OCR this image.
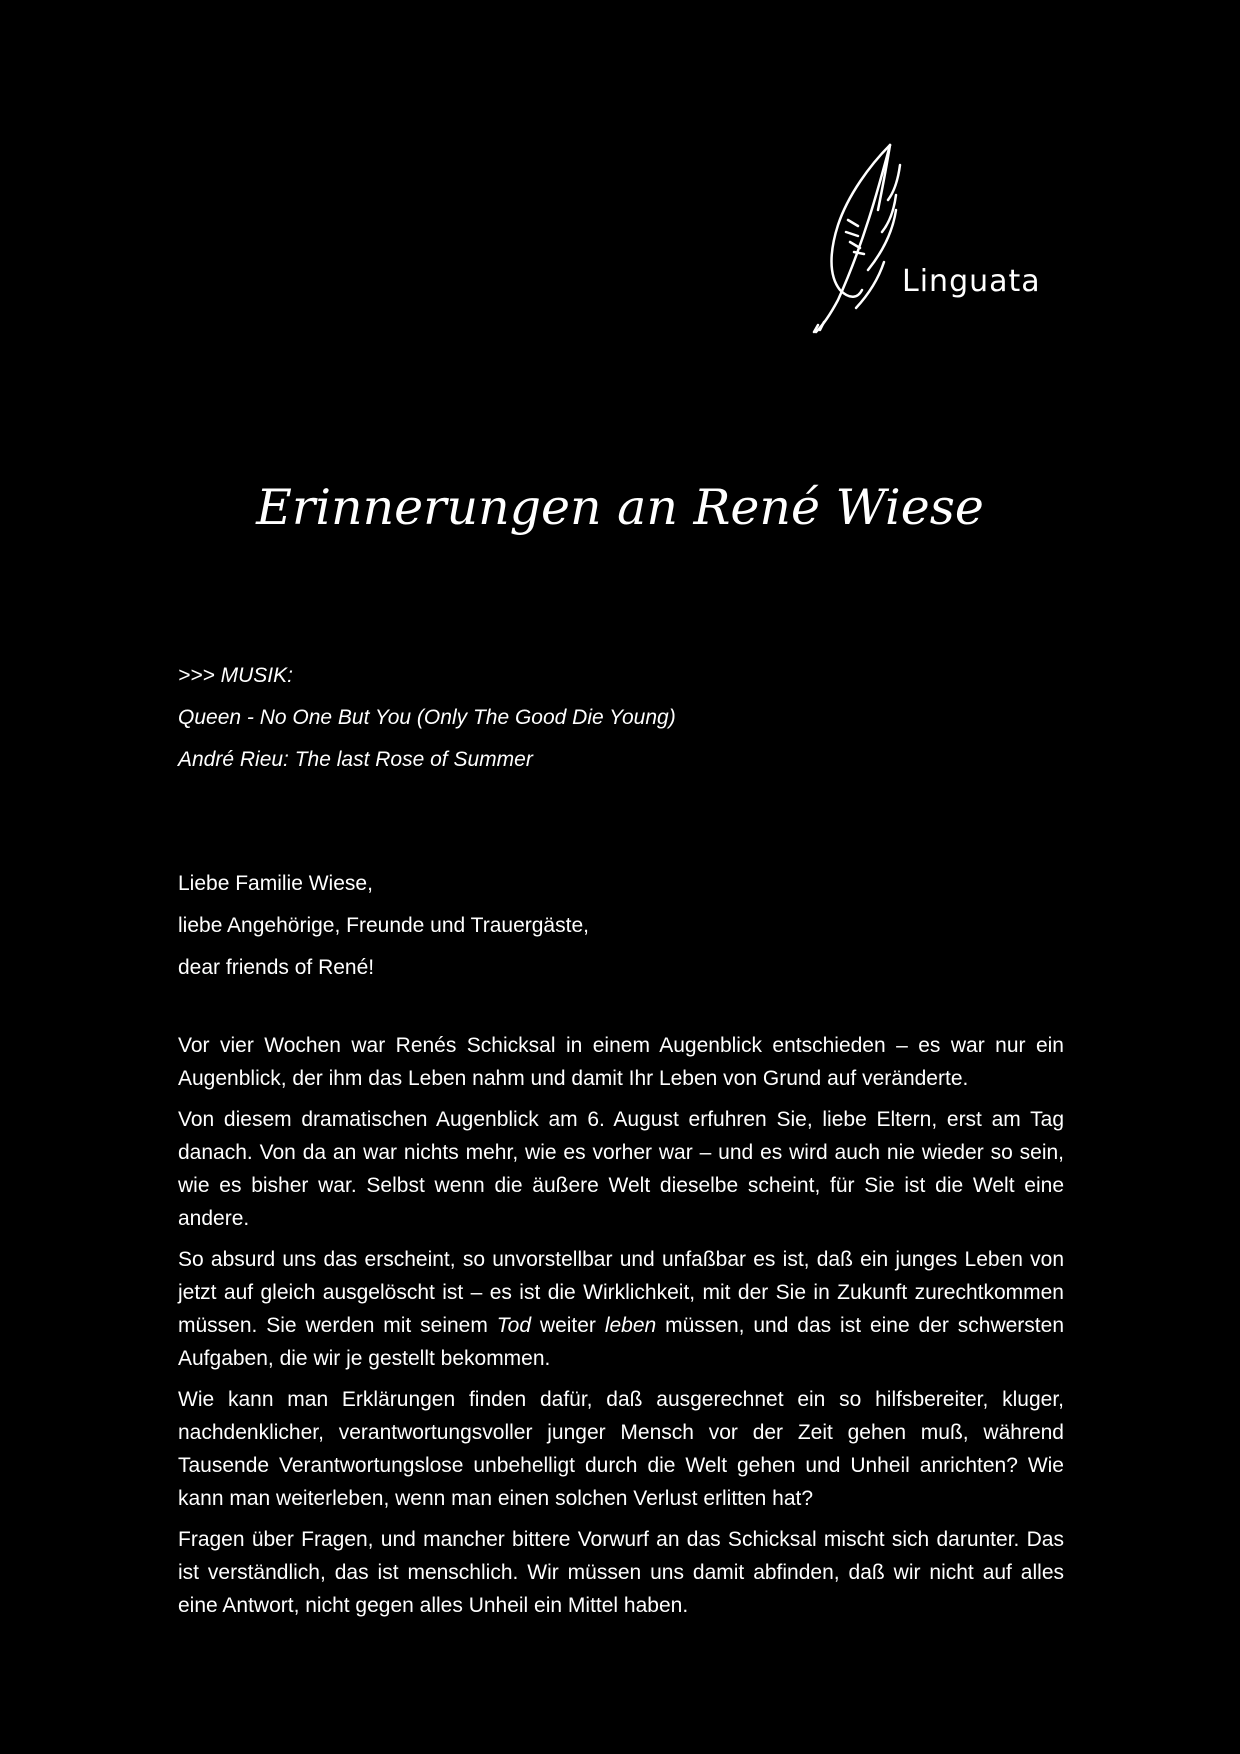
Linguata
Erinnerungen an René Wiese
>>> MUSIK:
Queen - No One But You (Only The Good Die Young)
André Rieu: The last Rose of Summer
Liebe Familie Wiese,
liebe Angehörige, Freunde und Trauergäste,
dear friends of René!

Vor vier Wochen war Renés Schicksal in einem Augenblick entschieden – es war nur ein Augenblick, der ihm das Leben nahm und damit Ihr Leben von Grund auf veränderte.

Von diesem dramatischen Augenblick am 6. August erfuhren Sie, liebe Eltern, erst am Tag danach. Von da an war nichts mehr, wie es vorher war – und es wird auch nie wieder so sein, wie es bisher war. Selbst wenn die äußere Welt dieselbe scheint, für Sie ist die Welt eine andere.

So absurd uns das erscheint, so unvorstellbar und unfaßbar es ist, daß ein junges Leben von jetzt auf gleich ausgelöscht ist – es ist die Wirklichkeit, mit der Sie in Zukunft zurechtkommen müssen. Sie werden mit seinem Tod weiter leben müssen, und das ist eine der schwersten Aufgaben, die wir je gestellt bekommen.

Wie kann man Erklärungen finden dafür, daß ausgerechnet ein so hilfsbereiter, kluger, nachdenklicher, verantwortungsvoller junger Mensch vor der Zeit gehen muß, während Tausende Verantwortungslose unbehelligt durch die Welt gehen und Unheil anrichten? Wie kann man weiterleben, wenn man einen solchen Verlust erlitten hat?

Fragen über Fragen, und mancher bittere Vorwurf an das Schicksal mischt sich darunter. Das ist verständlich, das ist menschlich. Wir müssen uns damit abfinden, daß wir nicht auf alles eine Antwort, nicht gegen alles Unheil ein Mittel haben.
